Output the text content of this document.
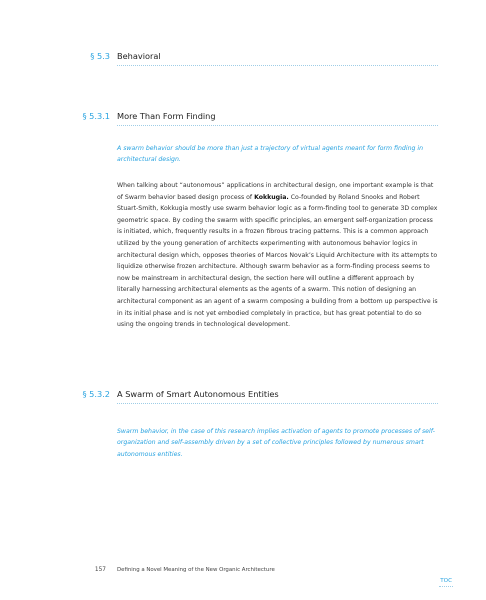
§ 5.3 Behavioral
§ 5.3.1 More Than Form Finding

A swarm behavior should be more than just a trajectory of virtual agents meant for form finding in architectural design.

When talking about “autonomous” applications in architectural design, one important example is that of Swarm behavior based design process of Kokkugia. Co-founded by Roland Snooks and Robert Stuart-Smith, Kokkugia mostly use swarm behavior logic as a form-finding tool to generate 3D complex geometric space. By coding the swarm with specific principles, an emergent self-organization process is initiated, which, frequently results in a frozen fibrous tracing patterns. This is a common approach utilized by the young generation of architects experimenting with autonomous behavior logics in architectural design which, opposes theories of Marcos Novak’s Liquid Architecture with its attempts to liquidize otherwise frozen architecture. Although swarm behavior as a form-finding process seems to now be mainstream in architectural design, the section here will outline a different approach by literally harnessing architectural elements as the agents of a swarm. This notion of designing an architectural component as an agent of a swarm composing a building from a bottom up perspective is in its initial phase and is not yet embodied completely in practice, but has great potential to do so using the ongoing trends in technological development.

§ 5.3.2 A Swarm of Smart Autonomous Entities

Swarm behavior, in the case of this research implies activation of agents to promote processes of self-organization and self-assembly driven by a set of collective principles followed by numerous smart autonomous entities.

157 Defining a Novel Meaning of the New Organic Architecture
TOC
